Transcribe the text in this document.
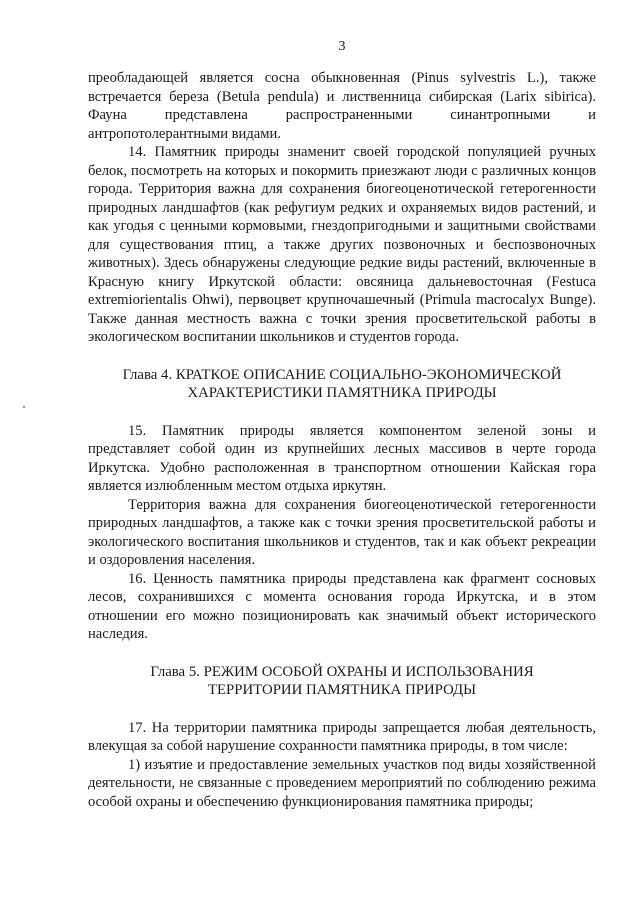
3

преобладающей является сосна обыкновенная (Pinus sylvestris L.), также встречается береза (Betula pendula) и лиственница сибирская (Larix sibirica). Фауна представлена распространенными синантропными и антропотолерантными видами.

14. Памятник природы знаменит своей городской популяцией ручных белок, посмотреть на которых и покормить приезжают люди с различных концов города. Территория важна для сохранения биогеоценотической гетерогенности природных ландшафтов (как рефугиум редких и охраняемых видов растений, и как угодья с ценными кормовыми, гнездопригодными и защитными свойствами для существования птиц, а также других позвоночных и беспозвоночных животных). Здесь обнаружены следующие редкие виды растений, включенные в Красную книгу Иркутской области: овсяница дальневосточная (Festuca extremiorientalis Ohwi), первоцвет крупночашечный (Primula macrocalyx Bunge). Также данная местность важна с точки зрения просветительской работы в экологическом воспитании школьников и студентов города.

Глава 4. КРАТКОЕ ОПИСАНИЕ СОЦИАЛЬНО-ЭКОНОМИЧЕСКОЙ
ХАРАКТЕРИСТИКИ ПАМЯТНИКА ПРИРОДЫ

15. Памятник природы является компонентом зеленой зоны и представляет собой один из крупнейших лесных массивов в черте города Иркутска. Удобно расположенная в транспортном отношении Кайская гора является излюбленным местом отдыха иркутян.

Территория важна для сохранения биогеоценотической гетерогенности природных ландшафтов, а также как с точки зрения просветительской работы и экологического воспитания школьников и студентов, так и как объект рекреации и оздоровления населения.

16. Ценность памятника природы представлена как фрагмент сосновых лесов, сохранившихся с момента основания города Иркутска, и в этом отношении его можно позиционировать как значимый объект исторического наследия.

Глава 5. РЕЖИМ ОСОБОЙ ОХРАНЫ И ИСПОЛЬЗОВАНИЯ
ТЕРРИТОРИИ ПАМЯТНИКА ПРИРОДЫ

17. На территории памятника природы запрещается любая деятельность, влекущая за собой нарушение сохранности памятника природы, в том числе:

1) изъятие и предоставление земельных участков под виды хозяйственной деятельности, не связанные с проведением мероприятий по соблюдению режима особой охраны и обеспечению функционирования памятника природы;
